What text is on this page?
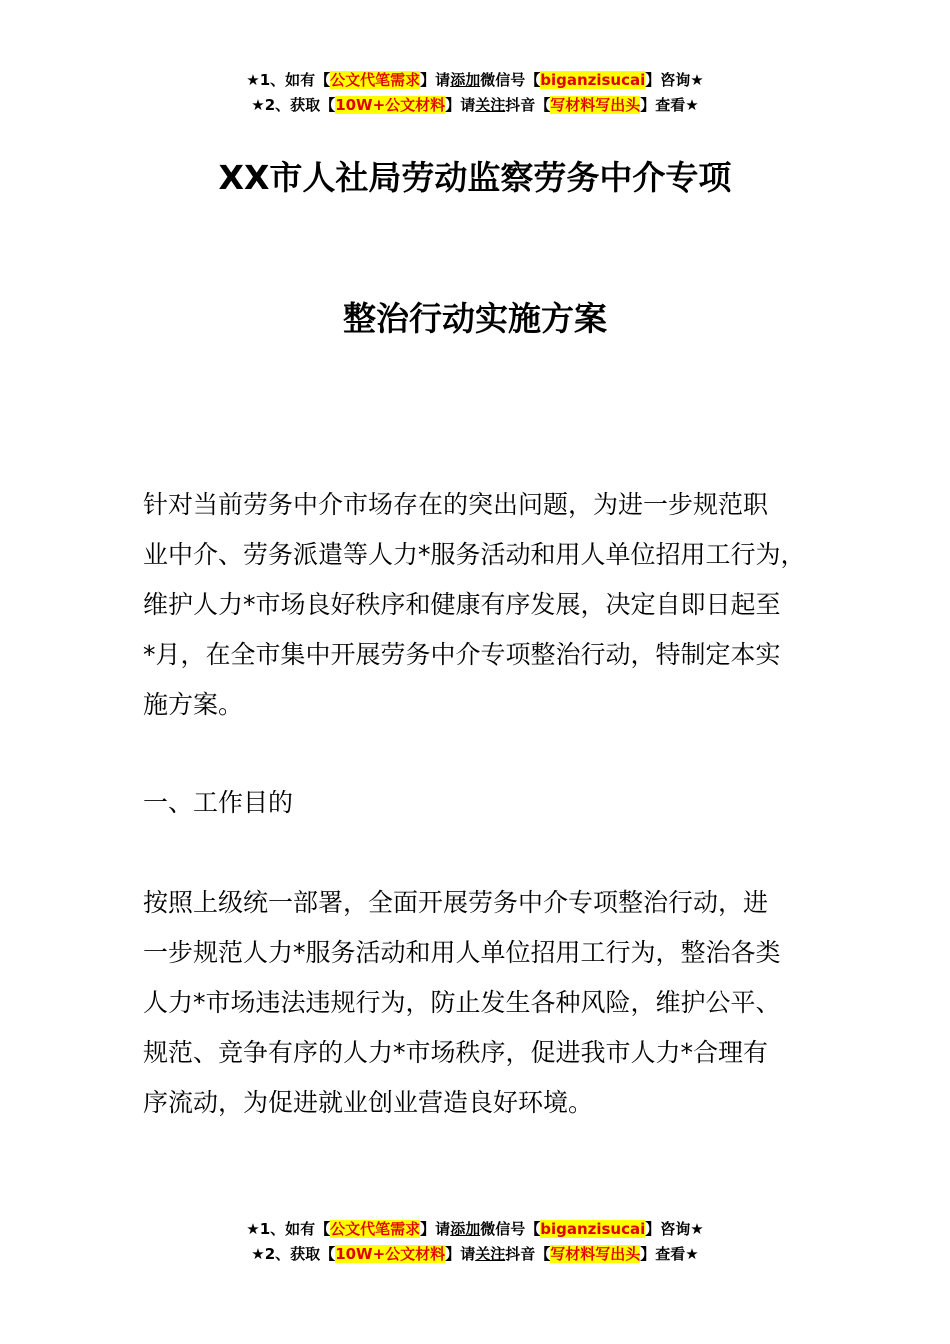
★1、如有【公文代笔需求】请添加微信号【biganzisucai】咨询★
★2、获取【10W+公文材料】请关注抖音【写材料写出头】查看★
XX市人社局劳动监察劳务中介专项
整治行动实施方案
针对当前劳务中介市场存在的突出问题，为进一步规范职
业中介、劳务派遣等人力*服务活动和用人单位招用工行为，
维护人力*市场良好秩序和健康有序发展，决定自即日起至
*月，在全市集中开展劳务中介专项整治行动，特制定本实
施方案。
一、工作目的
按照上级统一部署，全面开展劳务中介专项整治行动，进
一步规范人力*服务活动和用人单位招用工行为，整治各类
人力*市场违法违规行为，防止发生各种风险，维护公平、
规范、竞争有序的人力*市场秩序，促进我市人力*合理有
序流动，为促进就业创业营造良好环境。
★1、如有【公文代笔需求】请添加微信号【biganzisucai】咨询★
★2、获取【10W+公文材料】请关注抖音【写材料写出头】查看★
